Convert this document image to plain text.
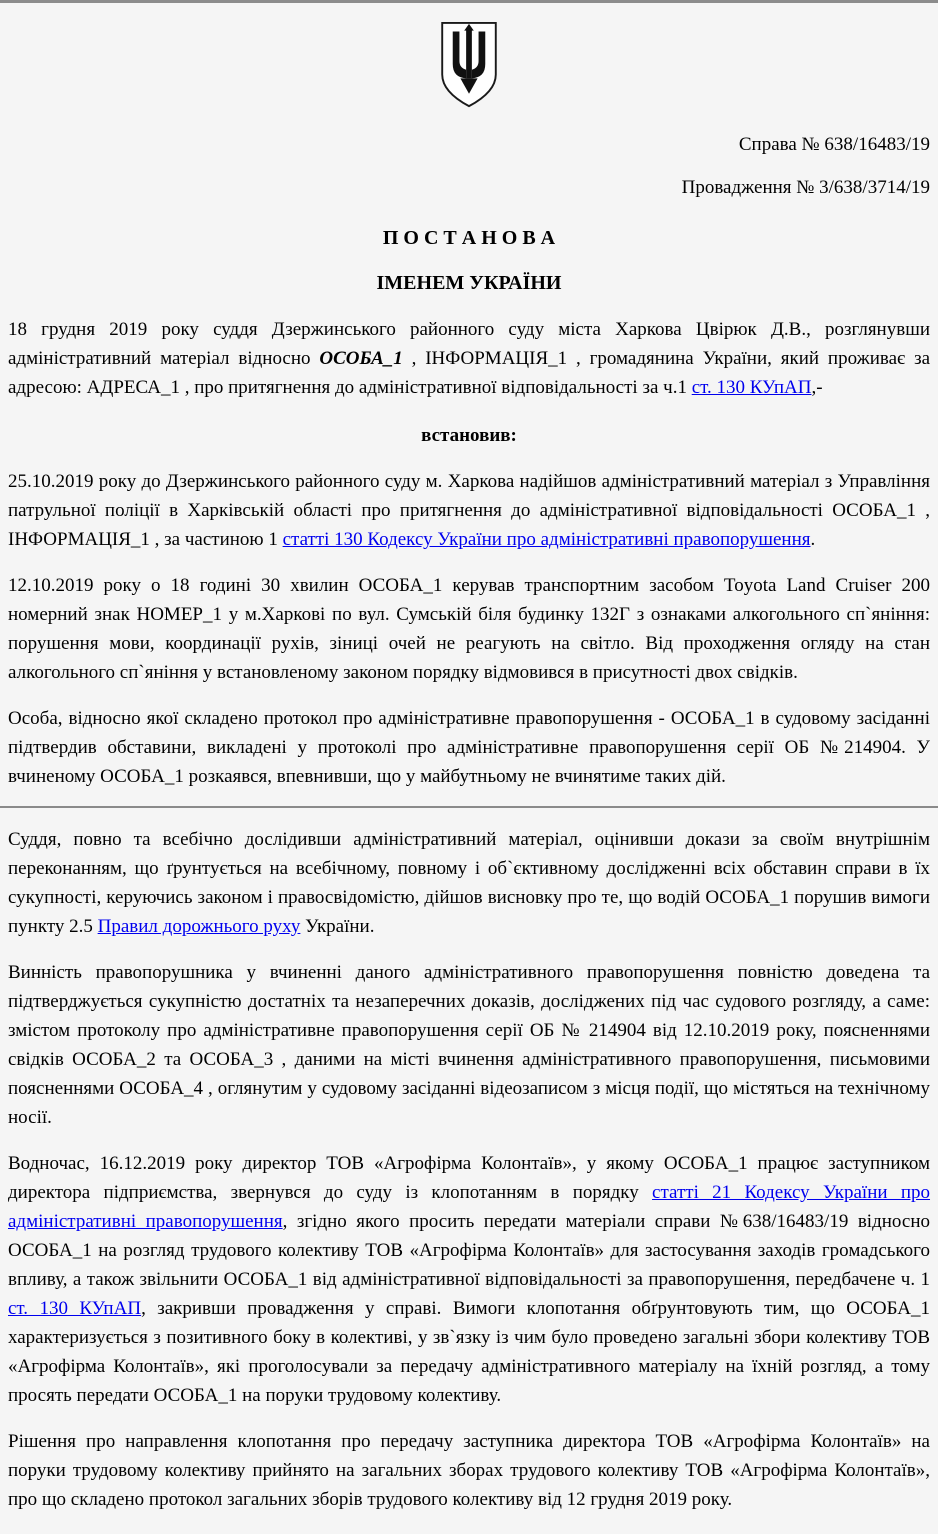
Справа № 638/16483/19
Провадження № 3/638/3714/19
П О С Т А Н О В А
ІМЕНЕМ УКРАЇНИ

18 грудня 2019 року суддя Дзержинського районного суду міста Харкова Цвірюк Д.В., розглянувши адміністративний матеріал відносно ОСОБА_1 , ІНФОРМАЦІЯ_1 , громадянина України, який проживає за адресою: АДРЕСА_1 , про притягнення до адміністративної відповідальності за ч.1 ст. 130 КУпАП,-

встановив:

25.10.2019 року до Дзержинського районного суду м. Харкова надійшов адміністративний матеріал з Управління патрульної поліції в Харківській області про притягнення до адміністративної відповідальності ОСОБА_1 , ІНФОРМАЦІЯ_1 , за частиною 1 статті 130 Кодексу України про адміністративні правопорушення.

12.10.2019 року о 18 годині 30 хвилин ОСОБА_1 керував транспортним засобом Toyota Land Cruiser 200 номерний знак НОМЕР_1 у м.Харкові по вул. Сумській біля будинку 132Г з ознаками алкогольного сп`яніння: порушення мови, координації рухів, зіниці очей не реагують на світло. Від проходження огляду на стан алкогольного сп`яніння у встановленому законом порядку відмовився в присутності двох свідків.

Особа, відносно якої складено протокол про адміністративне правопорушення - ОСОБА_1 в судовому засіданні підтвердив обставини, викладені у протоколі про адміністративне правопорушення серії ОБ №214904. У вчиненому ОСОБА_1 розкаявся, впевнивши, що у майбутньому не вчинятиме таких дій.

Суддя, повно та всебічно дослідивши адміністративний матеріал, оцінивши докази за своїм внутрішнім переконанням, що ґрунтується на всебічному, повному і об`єктивному дослідженні всіх обставин справи в їх сукупності, керуючись законом і правосвідомістю, дійшов висновку про те, що водій ОСОБА_1 порушив вимоги пункту 2.5 Правил дорожнього руху України.

Винність правопорушника у вчиненні даного адміністративного правопорушення повністю доведена та підтверджується сукупністю достатніх та незаперечних доказів, досліджених під час судового розгляду, а саме: змістом протоколу про адміністративне правопорушення серії ОБ № 214904 від 12.10.2019 року, поясненнями свідків ОСОБА_2 та ОСОБА_3 , даними на місті вчинення адміністративного правопорушення, письмовими поясненнями ОСОБА_4 , оглянутим у судовому засіданні відеозаписом з місця події, що містяться на технічному носії.

Водночас, 16.12.2019 року директор ТОВ «Агрофірма Колонтаїв», у якому ОСОБА_1 працює заступником директора підприємства, звернувся до суду із клопотанням в порядку статті 21 Кодексу України про адміністративні правопорушення, згідно якого просить передати матеріали справи №638/16483/19 відносно ОСОБА_1 на розгляд трудового колективу ТОВ «Агрофірма Колонтаїв» для застосування заходів громадського впливу, а також звільнити ОСОБА_1 від адміністративної відповідальності за правопорушення, передбачене ч. 1 ст. 130 КУпАП, закривши провадження у справі. Вимоги клопотання обґрунтовують тим, що ОСОБА_1 характеризується з позитивного боку в колективі, у зв`язку із чим було проведено загальні збори колективу ТОВ «Агрофірма Колонтаїв», які проголосували за передачу адміністративного матеріалу на їхній розгляд, а тому просять передати ОСОБА_1 на поруки трудовому колективу.

Рішення про направлення клопотання про передачу заступника директора ТОВ «Агрофірма Колонтаїв» на поруки трудовому колективу прийнято на загальних зборах трудового колективу ТОВ «Агрофірма Колонтаїв», про що складено протокол загальних зборів трудового колективу від 12 грудня 2019 року.
